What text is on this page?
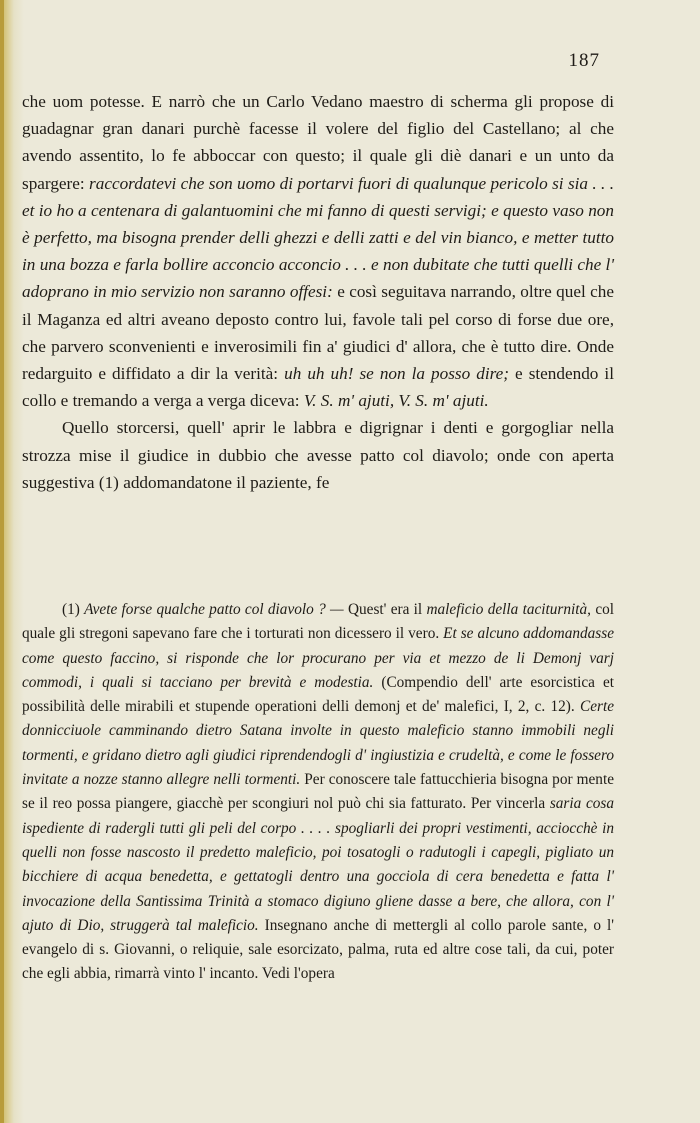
187

che uom potesse. E narrò che un Carlo Vedano maestro di scherma gli propose di guadagnar gran danari purchè facesse il volere del figlio del Castellano; al che avendo assentito, lo fe abboccar con questo; il quale gli diè danari e un unto da spargere: raccordatevi che son uomo di portarvi fuori di qualunque pericolo si sia . . . et io ho a centenara di galantuomini che mi fanno di questi servigi; e questo vaso non è perfetto, ma bisogna prender delli ghezzi e delli zatti e del vin bianco, e metter tutto in una bozza e farla bollire acconcio acconcio . . . e non dubitate che tutti quelli che l' adoprano in mio servizio non saranno offesi: e così seguitava narrando, oltre quel che il Maganza ed altri aveano deposto contro lui, favole tali pel corso di forse due ore, che parvero sconvenienti e inverosimili fin a' giudici d' allora, che è tutto dire. Onde redarguito e diffidato a dir la verità: uh uh uh! se non la posso dire; e stendendo il collo e tremando a verga a verga diceva: V. S. m' ajuti, V. S. m' ajuti.

Quello storcersi, quell' aprir le labbra e digrignar i denti e gorgogliar nella strozza mise il giudice in dubbio che avesse patto col diavolo; onde con aperta suggestiva (1) addomandatone il paziente, fe

(1) Avete forse qualche patto col diavolo ? — Quest' era il maleficio della taciturnità, col quale gli stregoni sapevano fare che i torturati non dicessero il vero. Et se alcuno addomandasse come questo faccino, si risponde che lor procurano per via et mezzo de li Demonj varj commodi, i quali si tacciano per brevità e modestia. (Compendio dell' arte esorcistica et possibilità delle mirabili et stupende operationi delli demonj et de' malefici, I, 2, c. 12). Certe donnicciuole camminando dietro Satana involte in questo maleficio stanno immobili negli tormenti, e gridano dietro agli giudici riprendendogli d' ingiustizia e crudeltà, e come le fossero invitate a nozze stanno allegre nelli tormenti. Per conoscere tale fattucchieria bisogna por mente se il reo possa piangere, giacchè per scongiuri nol può chi sia fatturato. Per vincerla saria cosa ispediente di radergli tutti gli peli del corpo . . . . spogliarli dei propri vestimenti, acciocchè in quelli non fosse nascosto il predetto maleficio, poi tosatogli o radutogli i capegli, pigliato un bicchiere di acqua benedetta, e gettatogli dentro una gocciola di cera benedetta e fatta l' invocazione della Santissima Trinità a stomaco digiuno gliene dasse a bere, che allora, con l' ajuto di Dio, struggerà tal maleficio. Insegnano anche di mettergli al collo parole sante, o l' evangelo di s. Giovanni, o reliquie, sale esorcizato, palma, ruta ed altre cose tali, da cui, poter che egli abbia, rimarrà vinto l' incanto. Vedi l'opera
